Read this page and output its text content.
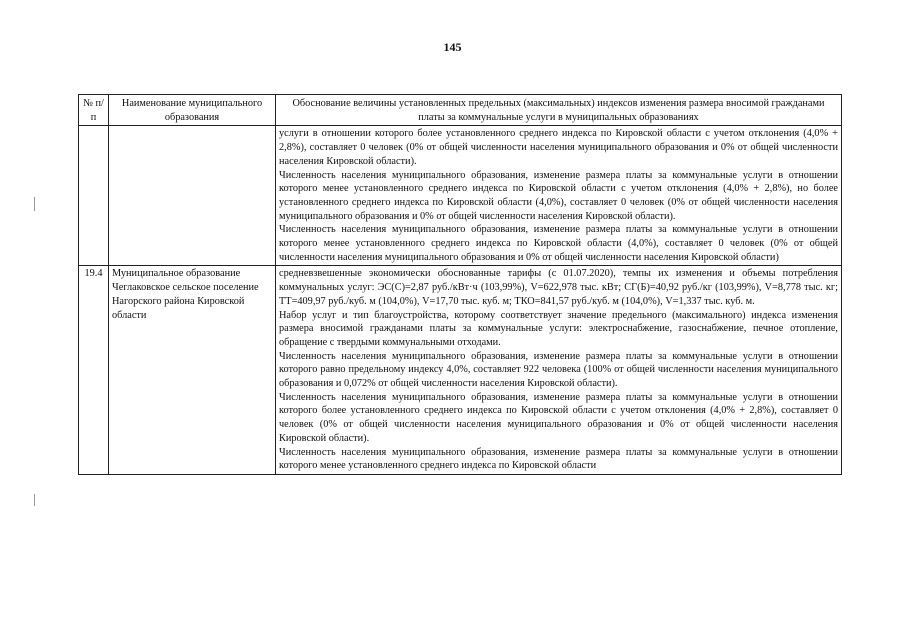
145
№ п/п	Наименование муниципального образования	Обоснование величины установленных предельных (максимальных) индексов изменения размера вносимой гражданами платы за коммунальные услуги в муниципальных образованиях

		услуги в отношении которого более установленного среднего индекса по Кировской области с учетом отклонения (4,0% + 2,8%), составляет 0 человек (0% от общей численности населения муниципального образования и 0% от общей численности населения Кировской области).

Численность населения муниципального образования, изменение размера платы за коммунальные услуги в отношении которого менее установленного среднего индекса по Кировской области с учетом отклонения (4,0% + 2,8%), но более установленного среднего индекса по Кировской области (4,0%), составляет 0 человек (0% от общей численности населения муниципального образования и 0% от общей численности населения Кировской области).

Численность населения муниципального образования, изменение размера платы за коммунальные услуги в отношении которого менее установленного среднего индекса по Кировской области (4,0%), составляет 0 человек (0% от общей численности населения муниципального образования и 0% от общей численности населения Кировской области)

19.4	Муниципальное образование Чеглаковское сельское поселение Нагорского района Кировской области	средневзвешенные экономически обоснованные тарифы (с 01.07.2020), темпы их изменения и объемы потребления коммунальных услуг: ЭС(С)=2,87 руб./кВт·ч (103,99%), V=622,978 тыс. кВт; СГ(Б)=40,92 руб./кг (103,99%), V=8,778 тыс. кг; ТТ=409,97 руб./куб. м (104,0%), V=17,70 тыс. куб. м; ТКО=841,57 руб./куб. м (104,0%), V=1,337 тыс. куб. м.

Набор услуг и тип благоустройства, которому соответствует значение предельного (максимального) индекса изменения размера вносимой гражданами платы за коммунальные услуги: электроснабжение, газоснабжение, печное отопление, обращение с твердыми коммунальными отходами.

Численность населения муниципального образования, изменение размера платы за коммунальные услуги в отношении которого равно предельному индексу 4,0%, составляет 922 человека (100% от общей численности населения муниципального образования и 0,072% от общей численности населения Кировской области).

Численность населения муниципального образования, изменение размера платы за коммунальные услуги в отношении которого более установленного среднего индекса по Кировской области с учетом отклонения (4,0% + 2,8%), составляет 0 человек (0% от общей численности населения муниципального образования и 0% от общей численности населения Кировской области).

Численность населения муниципального образования, изменение размера платы за коммунальные услуги в отношении которого менее установленного среднего индекса по Кировской области
